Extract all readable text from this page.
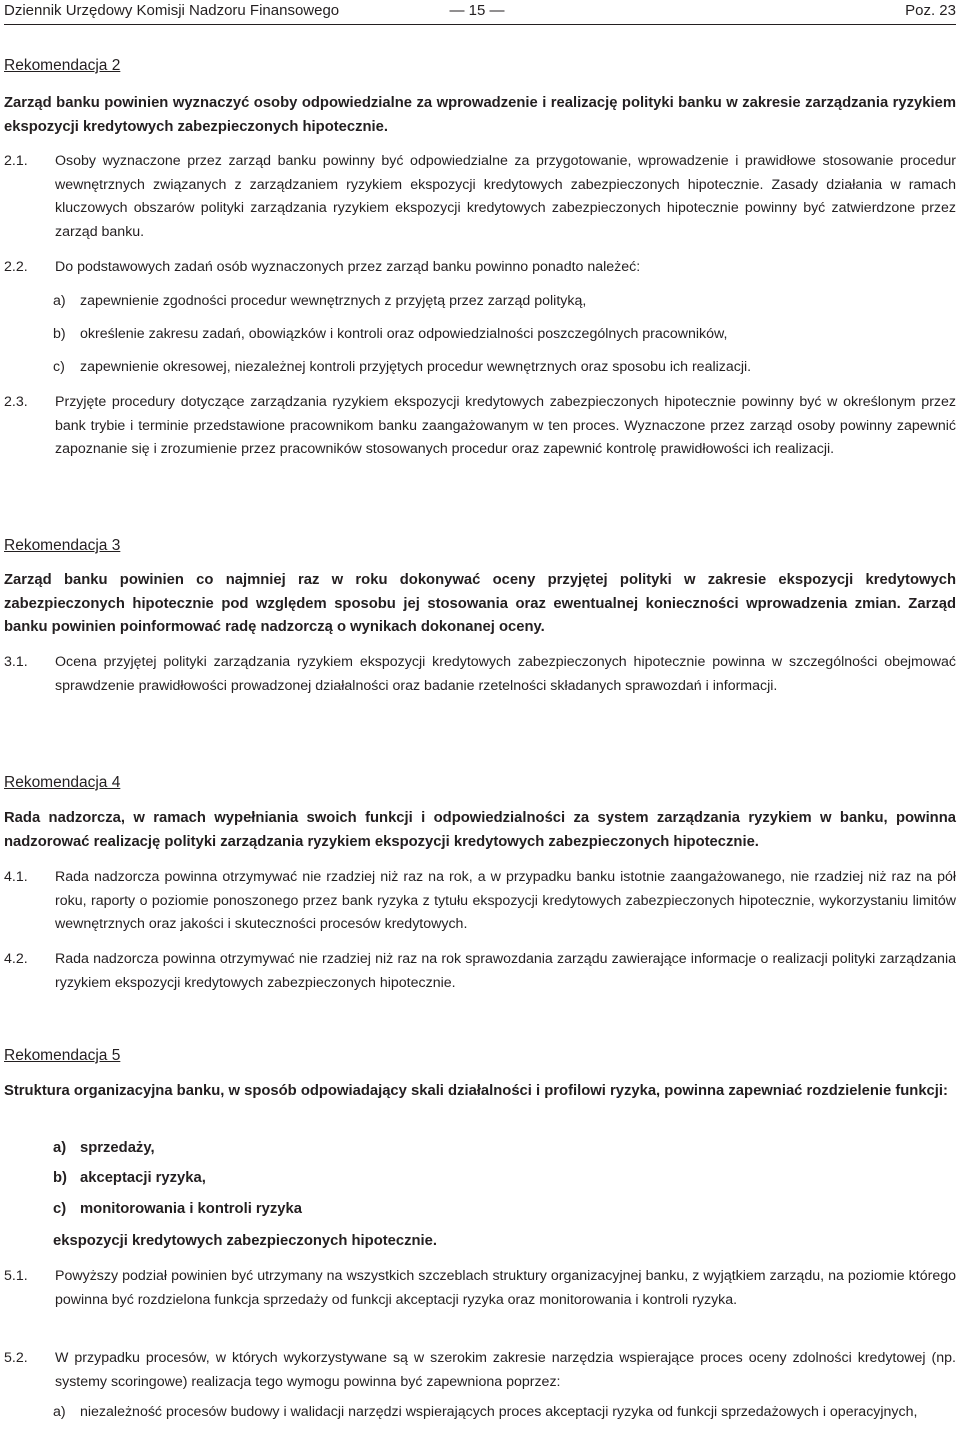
Dziennik Urzędowy Komisji Nadzoru Finansowego	— 15 —	Poz. 23
Rekomendacja 2
Zarząd banku powinien wyznaczyć osoby odpowiedzialne za wprowadzenie i realizację polityki banku w zakresie zarządzania ryzykiem ekspozycji kredytowych zabezpieczonych hipotecznie.
2.1. Osoby wyznaczone przez zarząd banku powinny być odpowiedzialne za przygotowanie, wprowadzenie i prawidłowe stosowanie procedur wewnętrznych związanych z zarządzaniem ryzykiem ekspozycji kredytowych zabezpieczonych hipotecznie. Zasady działania w ramach kluczowych obszarów polityki zarządzania ryzykiem ekspozycji kredytowych zabezpieczonych hipotecznie powinny być zatwierdzone przez zarząd banku.
2.2. Do podstawowych zadań osób wyznaczonych przez zarząd banku powinno ponadto należeć:
a) zapewnienie zgodności procedur wewnętrznych z przyjętą przez zarząd polityką,
b) określenie zakresu zadań, obowiązków i kontroli oraz odpowiedzialności poszczególnych pracowników,
c) zapewnienie okresowej, niezależnej kontroli przyjętych procedur wewnętrznych oraz sposobu ich realizacji.
2.3. Przyjęte procedury dotyczące zarządzania ryzykiem ekspozycji kredytowych zabezpieczonych hipotecznie powinny być w określonym przez bank trybie i terminie przedstawione pracownikom banku zaangażowanym w ten proces. Wyznaczone przez zarząd osoby powinny zapewnić zapoznanie się i zrozumienie przez pracowników stosowanych procedur oraz zapewnić kontrolę prawidłowości ich realizacji.
Rekomendacja 3
Zarząd banku powinien co najmniej raz w roku dokonywać oceny przyjętej polityki w zakresie ekspozycji kredytowych zabezpieczonych hipotecznie pod względem sposobu jej stosowania oraz ewentualnej konieczności wprowadzenia zmian. Zarząd banku powinien poinformować radę nadzorczą o wynikach dokonanej oceny.
3.1. Ocena przyjętej polityki zarządzania ryzykiem ekspozycji kredytowych zabezpieczonych hipotecznie powinna w szczególności obejmować sprawdzenie prawidłowości prowadzonej działalności oraz badanie rzetelności składanych sprawozdań i informacji.
Rekomendacja 4
Rada nadzorcza, w ramach wypełniania swoich funkcji i odpowiedzialności za system zarządzania ryzykiem w banku, powinna nadzorować realizację polityki zarządzania ryzykiem ekspozycji kredytowych zabezpieczonych hipotecznie.
4.1. Rada nadzorcza powinna otrzymywać nie rzadziej niż raz na rok, a w przypadku banku istotnie zaangażowanego, nie rzadziej niż raz na pół roku, raporty o poziomie ponoszonego przez bank ryzyka z tytułu ekspozycji kredytowych zabezpieczonych hipotecznie, wykorzystaniu limitów wewnętrznych oraz jakości i skuteczności procesów kredytowych.
4.2. Rada nadzorcza powinna otrzymywać nie rzadziej niż raz na rok sprawozdania zarządu zawierające informacje o realizacji polityki zarządzania ryzykiem ekspozycji kredytowych zabezpieczonych hipotecznie.
Rekomendacja 5
Struktura organizacyjna banku, w sposób odpowiadający skali działalności i profilowi ryzyka, powinna zapewniać rozdzielenie funkcji:
a) sprzedaży,
b) akceptacji ryzyka,
c) monitorowania i kontroli ryzyka
ekspozycji kredytowych zabezpieczonych hipotecznie.
5.1. Powyższy podział powinien być utrzymany na wszystkich szczeblach struktury organizacyjnej banku, z wyjątkiem zarządu, na poziomie którego powinna być rozdzielona funkcja sprzedaży od funkcji akceptacji ryzyka oraz monitorowania i kontroli ryzyka.
5.2. W przypadku procesów, w których wykorzystywane są w szerokim zakresie narzędzia wspierające proces oceny zdolności kredytowej (np. systemy scoringowe) realizacja tego wymogu powinna być zapewniona poprzez:
a) niezależność procesów budowy i walidacji narzędzi wspierających proces akceptacji ryzyka od funkcji sprzedażowych i operacyjnych,
